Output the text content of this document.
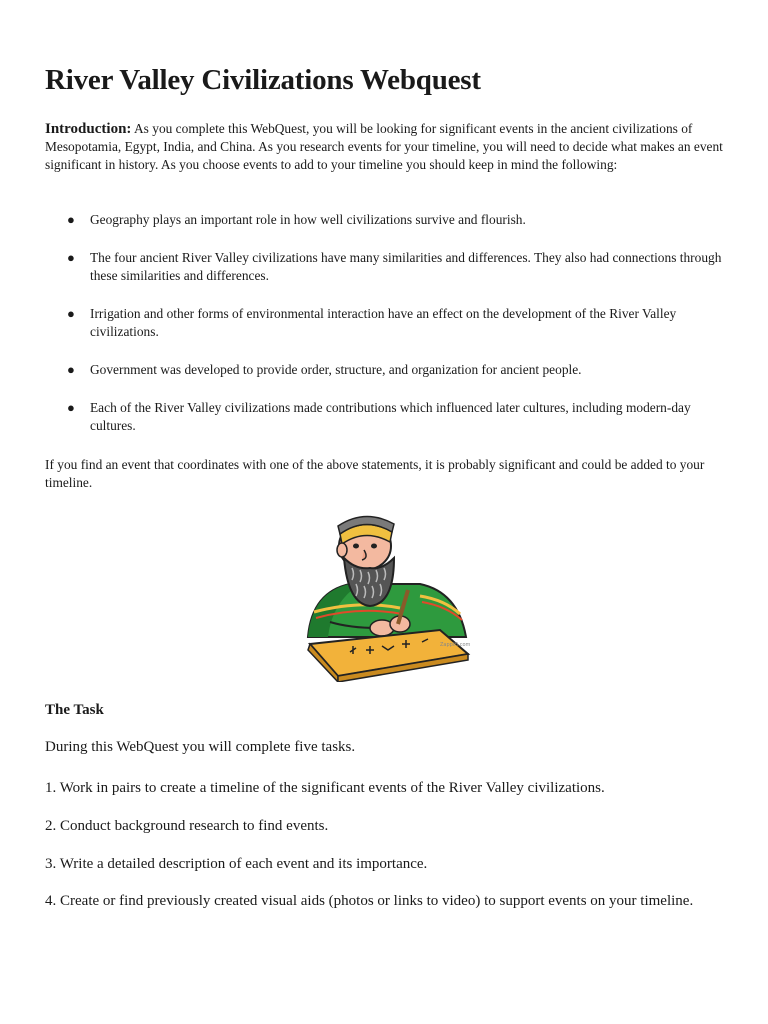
River Valley Civilizations Webquest

Introduction: As you complete this WebQuest, you will be looking for significant events in the ancient civilizations of Mesopotamia, Egypt, India, and China. As you research events for your timeline, you will need to decide what makes an event significant in history. As you choose events to add to your timeline you should keep in mind the following:

● Geography plays an important role in how well civilizations survive and flourish.
● The four ancient River Valley civilizations have many similarities and differences. They also had connections through these similarities and differences.
● Irrigation and other forms of environmental interaction have an effect on the development of the River Valley civilizations.
● Government was developed to provide order, structure, and organization for ancient people.
● Each of the River Valley civilizations made contributions which influenced later cultures, including modern-day cultures.

If you find an event that coordinates with one of the above statements, it is probably significant and could be added to your timeline.

ZappiFi.com
The Task

During this WebQuest you will complete five tasks.

1. Work in pairs to create a timeline of the significant events of the River Valley civilizations.
2. Conduct background research to find events.
3. Write a detailed description of each event and its importance.
4. Create or find previously created visual aids (photos or links to video) to support events on your timeline.
